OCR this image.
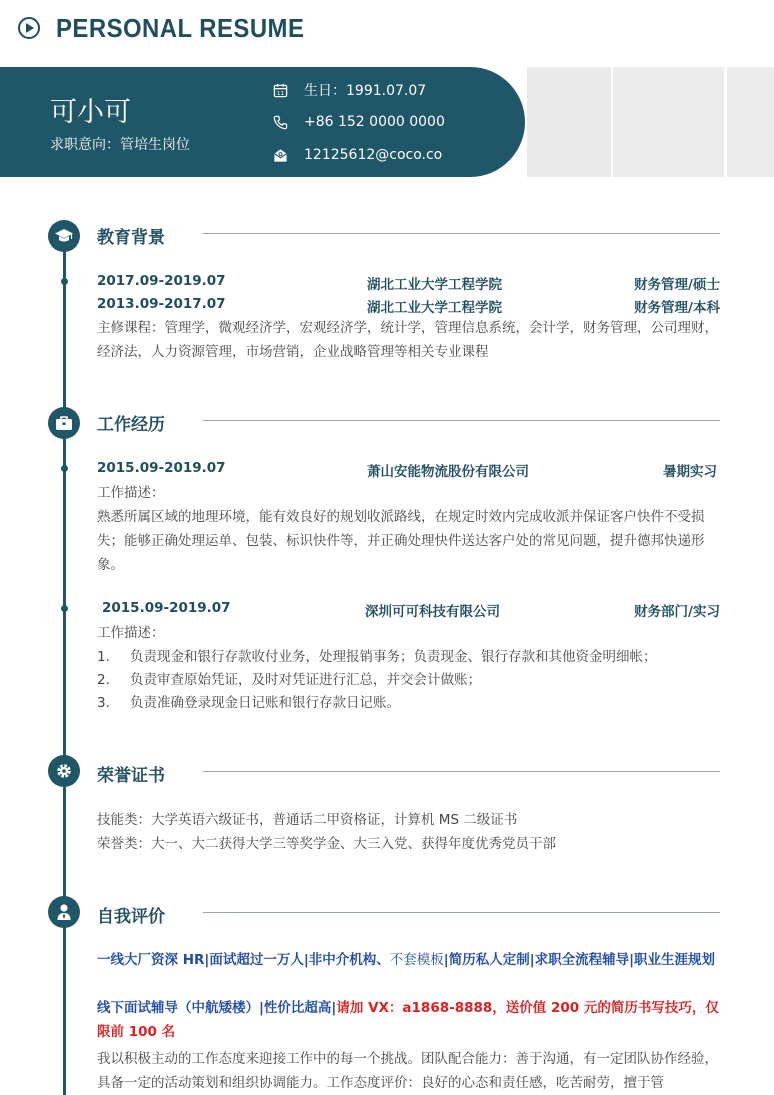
PERSONAL RESUME
可小可
求职意向：管培生岗位
11 生日：1991.07.07
+86 152 0000 0000
12125612@coco.co
教育背景
2017.09-2019.07	湖北工业大学工程学院	财务管理/硕士
2013.09-2017.07	湖北工业大学工程学院	财务管理/本科
主修课程：管理学，微观经济学，宏观经济学，统计学，管理信息系统，会计学，财务管理，公司理财，经济法，人力资源管理，市场营销，企业战略管理等相关专业课程
工作经历
2015.09-2019.07	萧山安能物流股份有限公司	暑期实习
工作描述：
熟悉所属区域的地理环境，能有效良好的规划收派路线，在规定时效内完成收派并保证客户快件不受损失；能够正确处理运单、包装、标识快件等，并正确处理快件送达客户处的常见问题，提升德邦快递形象。
2015.09-2019.07	深圳可可科技有限公司	财务部门/实习
工作描述：
1. 负责现金和银行存款收付业务，处理报销事务；负责现金、银行存款和其他资金明细帐；
2. 负责审查原始凭证，及时对凭证进行汇总，并交会计做账；
3. 负责准确登录现金日记账和银行存款日记账。
荣誉证书
技能类：大学英语六级证书，普通话二甲资格证，计算机 MS 二级证书
荣誉类：大一、大二获得大学三等奖学金、大三入党、获得年度优秀党员干部
自我评价
一线大厂资深 HR|面试超过一万人|非中介机构、不套模板|简历私人定制|求职全流程辅导|职业生涯规划
线下面试辅导（中航矮楼）|性价比超高|请加 VX：a1868-8888，送价值 200 元的简历书写技巧，仅限前 100 名
我以积极主动的工作态度来迎接工作中的每一个挑战。团队配合能力：善于沟通，有一定团队协作经验，具备一定的活动策划和组织协调能力。工作态度评价：良好的心态和责任感，吃苦耐劳，擅于管
